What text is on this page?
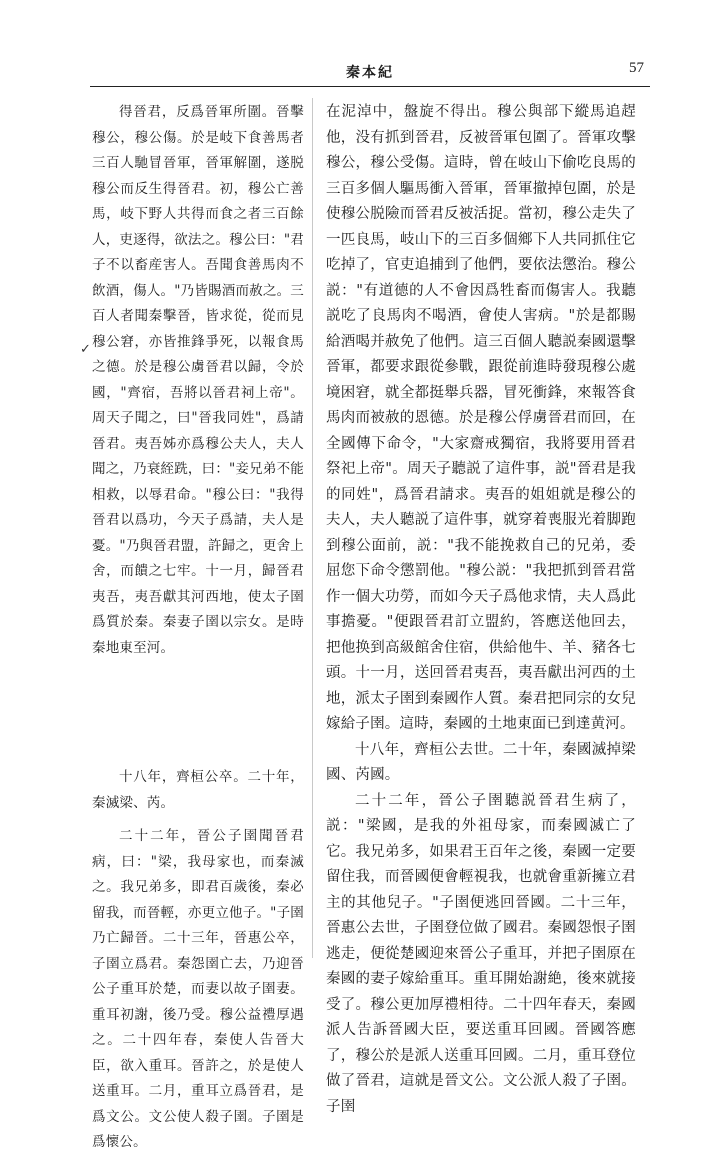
秦本紀	57
✓

得晉君，反爲晉軍所圍。晉擊穆公，穆公傷。於是岐下食善馬者三百人馳冒晉軍，晉軍解圍，遂脱穆公而反生得晉君。初，穆公亡善馬，岐下野人共得而食之者三百餘人，吏逐得，欲法之。穆公曰："君子不以畜産害人。吾聞食善馬肉不飲酒，傷人。"乃皆賜酒而赦之。三百人者聞秦擊晉，皆求從，從而見穆公窘，亦皆推鋒爭死，以報食馬之德。於是穆公虜晉君以歸，令於國，"齊宿，吾將以晉君祠上帝"。周天子聞之，曰"晉我同姓"，爲請晉君。夷吾姊亦爲穆公夫人，夫人聞之，乃衰絰跣，曰："妾兄弟不能相救，以辱君命。"穆公曰："我得晉君以爲功，今天子爲請，夫人是憂。"乃與晉君盟，許歸之，更舍上舍，而饋之七牢。十一月，歸晉君夷吾，夷吾獻其河西地，使太子圉爲質於秦。秦妻子圉以宗女。是時秦地東至河。

十八年，齊桓公卒。二十年，秦滅梁、芮。

二十二年，晉公子圉聞晉君病，曰："梁，我母家也，而秦滅之。我兄弟多，即君百歲後，秦必留我，而晉輕，亦更立他子。"子圉乃亡歸晉。二十三年，晉惠公卒，子圉立爲君。秦怨圉亡去，乃迎晉公子重耳於楚，而妻以故子圉妻。重耳初謝，後乃受。穆公益禮厚遇之。二十四年春，秦使人告晉大臣，欲入重耳。晉許之，於是使人送重耳。二月，重耳立爲晉君，是爲文公。文公使人殺子圉。子圉是爲懷公。

在泥淖中，盤旋不得出。穆公與部下縱馬追趕他，没有抓到晉君，反被晉軍包圍了。晉軍攻擊穆公，穆公受傷。這時，曾在岐山下偷吃良馬的三百多個人驅馬衝入晉軍，晉軍撤掉包圍，於是使穆公脱險而晉君反被活捉。當初，穆公走失了一匹良馬，岐山下的三百多個鄉下人共同抓住它吃掉了，官吏追捕到了他們，要依法懲治。穆公説："有道德的人不會因爲牲畜而傷害人。我聽説吃了良馬肉不喝酒，會使人害病。"於是都賜給酒喝并赦免了他們。這三百個人聽説秦國還擊晉軍，都要求跟從參戰，跟從前進時發現穆公處境困窘，就全都挺舉兵器，冒死衝鋒，來報答食馬肉而被赦的恩德。於是穆公俘虜晉君而回，在全國傳下命令，"大家齋戒獨宿，我將要用晉君祭祀上帝"。周天子聽説了這件事，説"晉君是我的同姓"，爲晉君請求。夷吾的姐姐就是穆公的夫人，夫人聽説了這件事，就穿着喪服光着脚跑到穆公面前，説："我不能挽救自己的兄弟，委屈您下命令懲罰他。"穆公説："我把抓到晉君當作一個大功勞，而如今天子爲他求情，夫人爲此事擔憂。"便跟晉君訂立盟約，答應送他回去，把他换到高級館舍住宿，供給他牛、羊、豬各七頭。十一月，送回晉君夷吾，夷吾獻出河西的土地，派太子圉到秦國作人質。秦君把同宗的女兒嫁給子圉。這時，秦國的土地東面已到達黄河。

十八年，齊桓公去世。二十年，秦國滅掉梁國、芮國。

二十二年，晉公子圉聽説晉君生病了，説："梁國，是我的外祖母家，而秦國滅亡了它。我兄弟多，如果君王百年之後，秦國一定要留住我，而晉國便會輕視我，也就會重新擁立君主的其他兒子。"子圉便逃回晉國。二十三年，晉惠公去世，子圉登位做了國君。秦國怨恨子圉逃走，便從楚國迎來晉公子重耳，并把子圉原在秦國的妻子嫁給重耳。重耳開始謝絶，後來就接受了。穆公更加厚禮相待。二十四年春天，秦國派人告訴晉國大臣，要送重耳回國。晉國答應了，穆公於是派人送重耳回國。二月，重耳登位做了晉君，這就是晉文公。文公派人殺了子圉。子圉
